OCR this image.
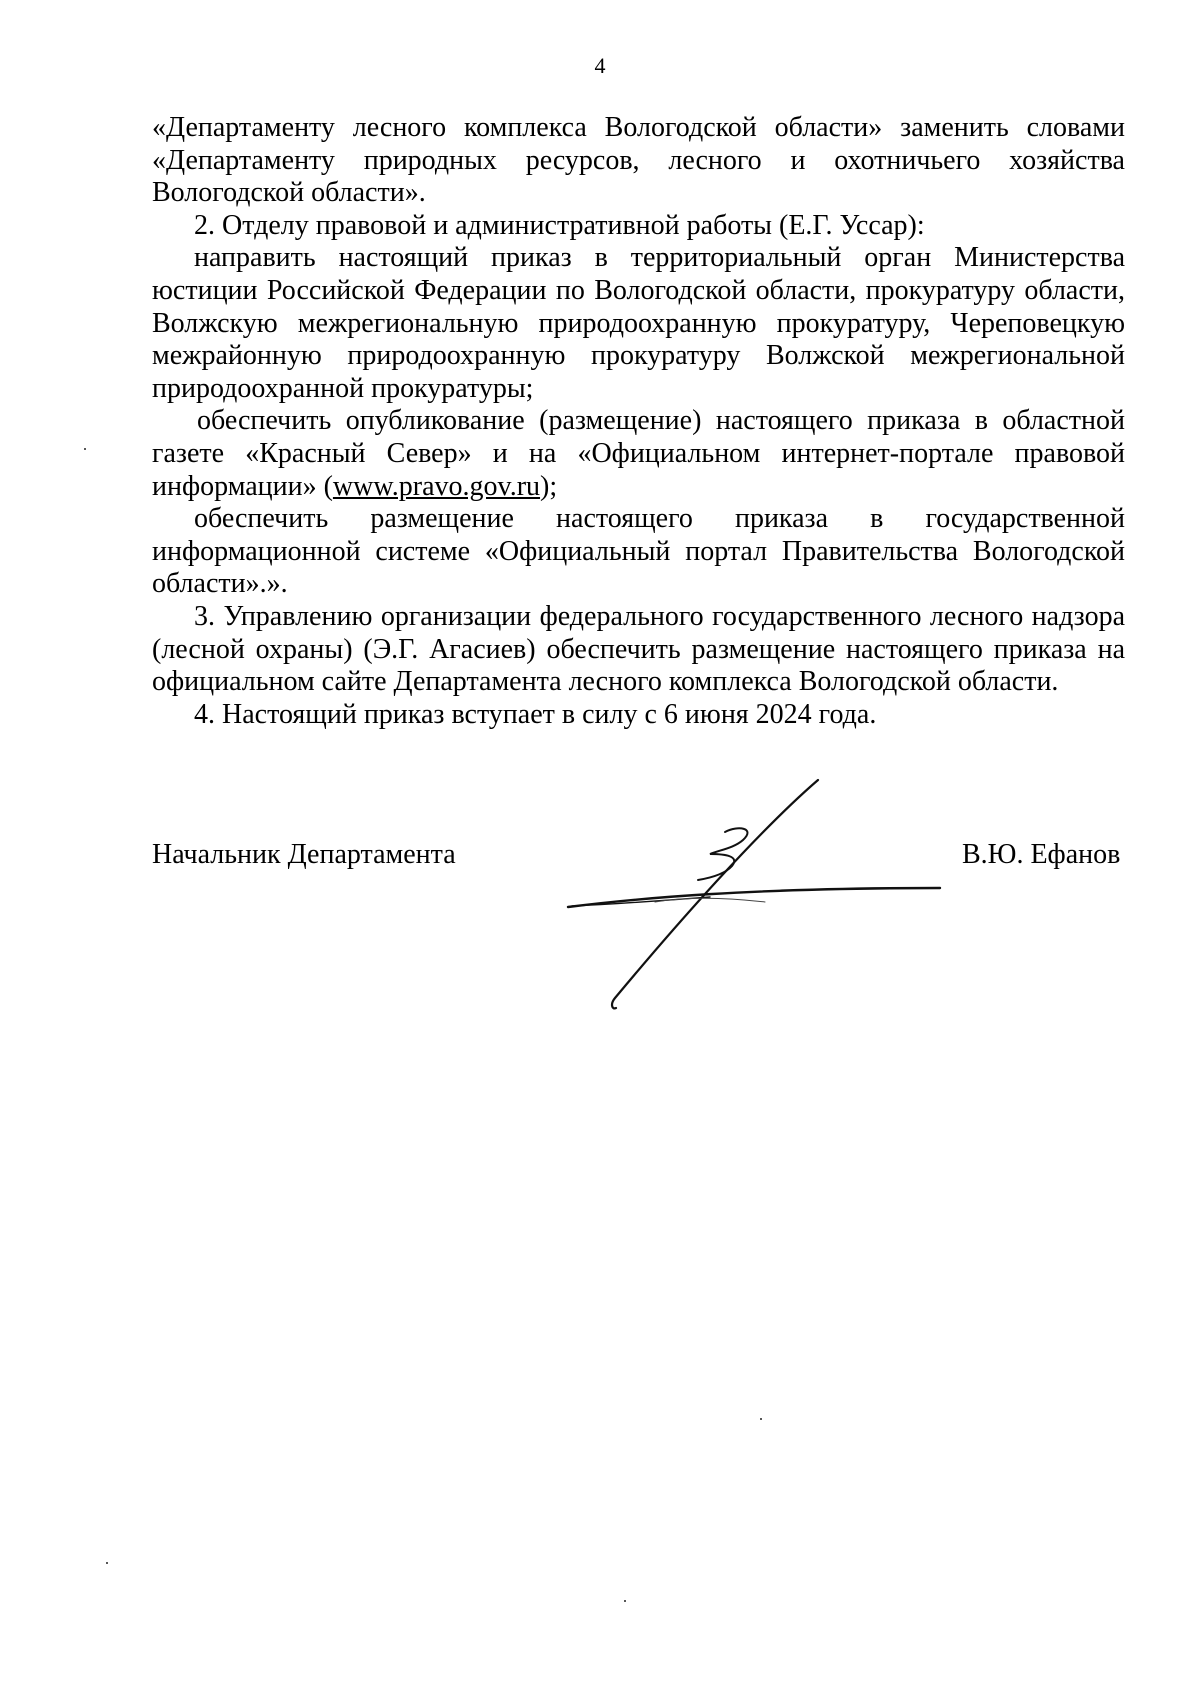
4

«Департаменту лесного комплекса Вологодской области» заменить словами «Департаменту природных ресурсов, лесного и охотничьего хозяйства Вологодской области».

2. Отделу правовой и административной работы (Е.Г. Уссар):

направить настоящий приказ в территориальный орган Министерства юстиции Российской Федерации по Вологодской области, прокуратуру области, Волжскую межрегиональную природоохранную прокуратуру, Череповецкую межрайонную природоохранную прокуратуру Волжской межрегиональной природоохранной прокуратуры;

обеспечить опубликование (размещение) настоящего приказа в областной газете «Красный Север» и на «Официальном интернет-портале правовой информации» (www.pravo.gov.ru);

обеспечить размещение настоящего приказа в государственной информационной системе «Официальный портал Правительства Вологодской области».».

3. Управлению организации федерального государственного лесного надзора (лесной охраны) (Э.Г. Агасиев) обеспечить размещение настоящего приказа на официальном сайте Департамента лесного комплекса Вологодской области.

4. Настоящий приказ вступает в силу с 6 июня 2024 года.

Начальник Департамента	В.Ю. Ефанов
